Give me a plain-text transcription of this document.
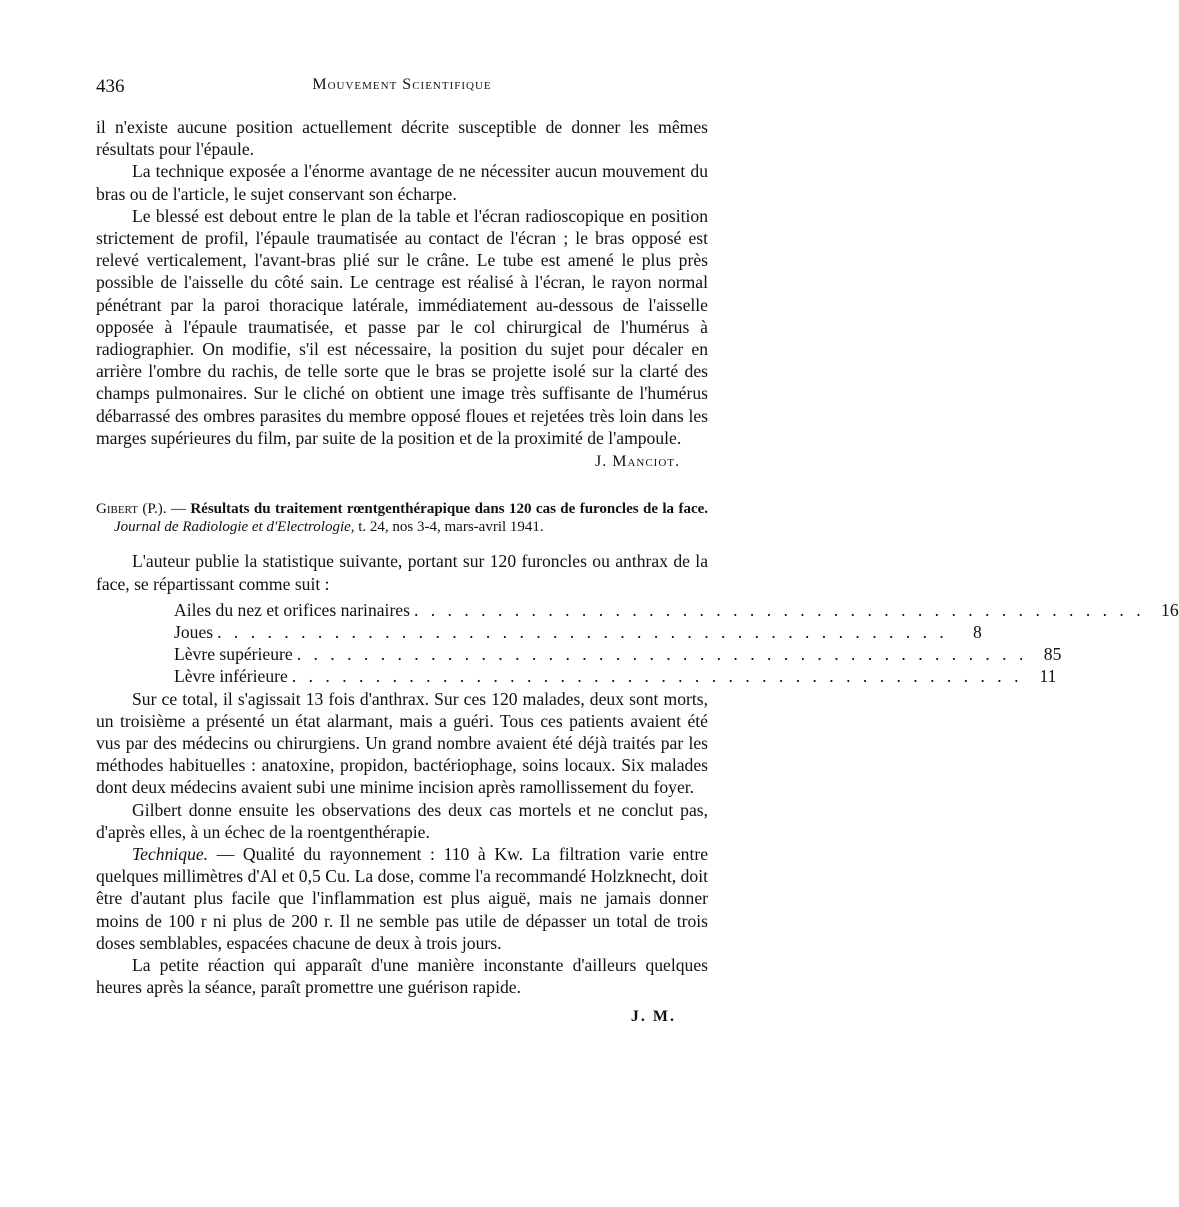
436	Mouvement Scientifique

il n'existe aucune position actuellement décrite susceptible de donner les mêmes résultats pour l'épaule.

La technique exposée a l'énorme avantage de ne nécessiter aucun mouvement du bras ou de l'article, le sujet conservant son écharpe.

Le blessé est debout entre le plan de la table et l'écran radioscopique en position strictement de profil, l'épaule traumatisée au contact de l'écran ; le bras opposé est relevé verticalement, l'avant-bras plié sur le crâne. Le tube est amené le plus près possible de l'aisselle du côté sain. Le centrage est réalisé à l'écran, le rayon normal pénétrant par la paroi thoracique latérale, immédiatement au-dessous de l'aisselle opposée à l'épaule traumatisée, et passe par le col chirurgical de l'humérus à radiographier. On modifie, s'il est nécessaire, la position du sujet pour décaler en arrière l'ombre du rachis, de telle sorte que le bras se projette isolé sur la clarté des champs pulmonaires. Sur le cliché on obtient une image très suffisante de l'humérus débarrassé des ombres parasites du membre opposé floues et rejetées très loin dans les marges supérieures du film, par suite de la position et de la proximité de l'ampoule.

J. Manciot.
Gibert (P.). — Résultats du traitement rœntgenthérapique dans 120 cas de furoncles de la face. Journal de Radiologie et d'Electrologie, t. 24, nos 3-4, mars-avril 1941.

L'auteur publie la statistique suivante, portant sur 120 furoncles ou anthrax de la face, se répartissant comme suit :

Ailes du nez et orifices narinaires . . . . . . . . . . . . . . . . . . . . . . . . . . . . . . . . . . . . . . . . . . . . 16
Joues . . . . . . . . . . . . . . . . . . . . . . . . . . . . . . . . . . . . . . . . . . . .	8
Lèvre supérieure . . . . . . . . . . . . . . . . . . . . . . . . . . . . . . . . . . . . . . . . . . . . 85
Lèvre inférieure . . . . . . . . . . . . . . . . . . . . . . . . . . . . . . . . . . . . . . . . . . . . 11

Sur ce total, il s'agissait 13 fois d'anthrax. Sur ces 120 malades, deux sont morts, un troisième a présenté un état alarmant, mais a guéri. Tous ces patients avaient été vus par des médecins ou chirurgiens. Un grand nombre avaient été déjà traités par les méthodes habituelles : anatoxine, propidon, bactériophage, soins locaux. Six malades dont deux médecins avaient subi une minime incision après ramollissement du foyer.

Gilbert donne ensuite les observations des deux cas mortels et ne conclut pas, d'après elles, à un échec de la roentgenthérapie.

Technique. — Qualité du rayonnement : 110 à Kw. La filtration varie entre quelques millimètres d'Al et 0,5 Cu. La dose, comme l'a recommandé Holzknecht, doit être d'autant plus facile que l'inflammation est plus aiguë, mais ne jamais donner moins de 100 r ni plus de 200 r. Il ne semble pas utile de dépasser un total de trois doses semblables, espacées chacune de deux à trois jours.

La petite réaction qui apparaît d'une manière inconstante d'ailleurs quelques heures après la séance, paraît promettre une guérison rapide.

J. M.
